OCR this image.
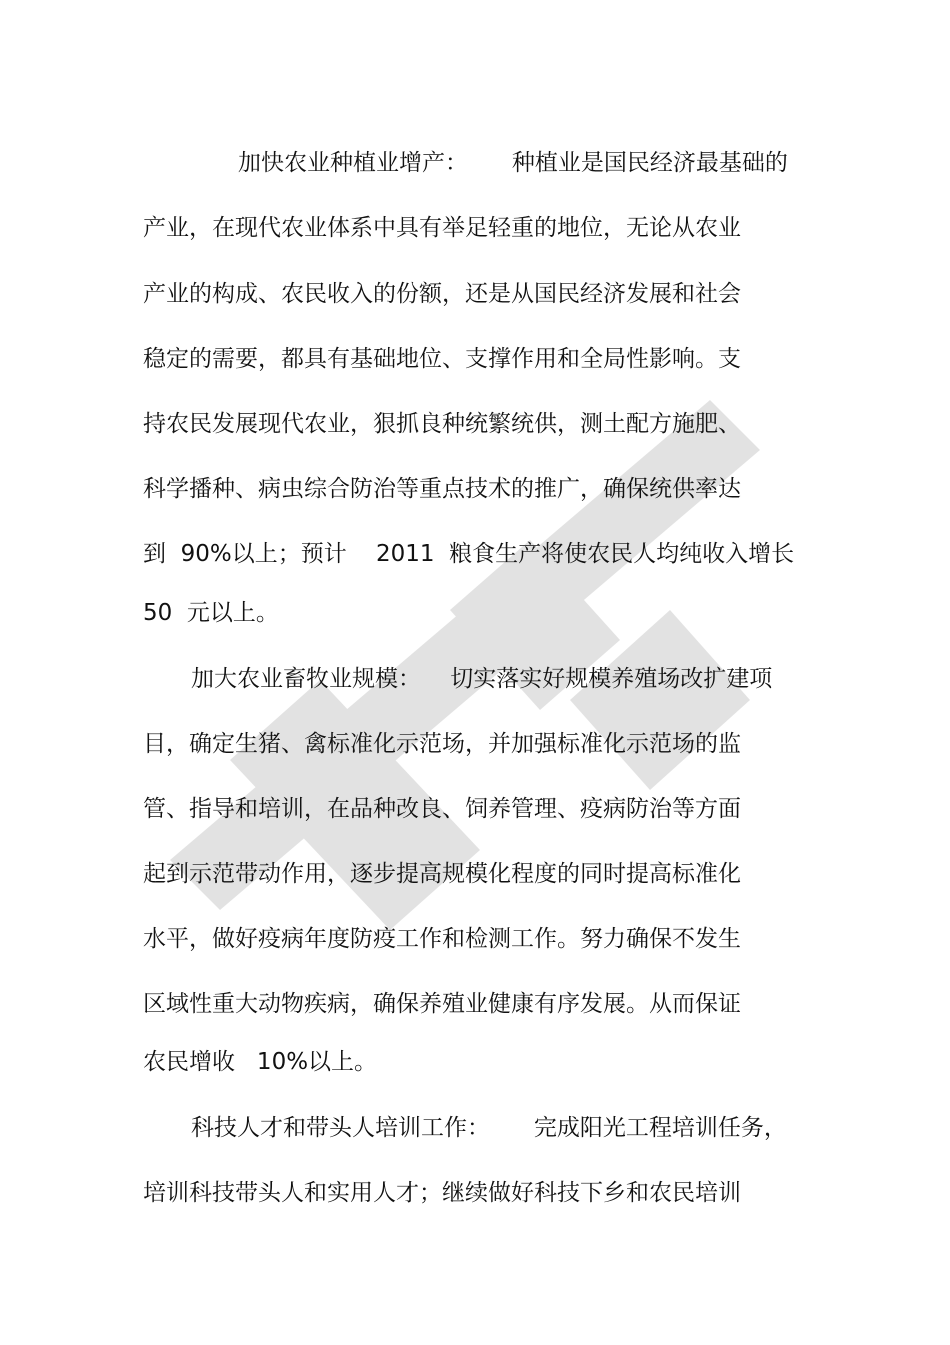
加快农业种植业增产：      种植业是国民经济最基础的
产业，在现代农业体系中具有举足轻重的地位，无论从农业
产业的构成、农民收入的份额，还是从国民经济发展和社会
稳定的需要，都具有基础地位、支撑作用和全局性影响。支
持农民发展现代农业，狠抓良种统繁统供，测土配方施肥、
科学播种、病虫综合防治等重点技术的推广，确保统供率达
到  90%以上；预计    2011  粮食生产将使农民人均纯收入增长
50  元以上。
加大农业畜牧业规模：    切实落实好规模养殖场改扩建项
目，确定生猪、禽标准化示范场，并加强标准化示范场的监
管、指导和培训，在品种改良、饲养管理、疫病防治等方面
起到示范带动作用，逐步提高规模化程度的同时提高标准化
水平，做好疫病年度防疫工作和检测工作。努力确保不发生
区域性重大动物疾病，确保养殖业健康有序发展。从而保证
农民增收   10%以上。
科技人才和带头人培训工作：      完成阳光工程培训任务，
培训科技带头人和实用人才；继续做好科技下乡和农民培训
